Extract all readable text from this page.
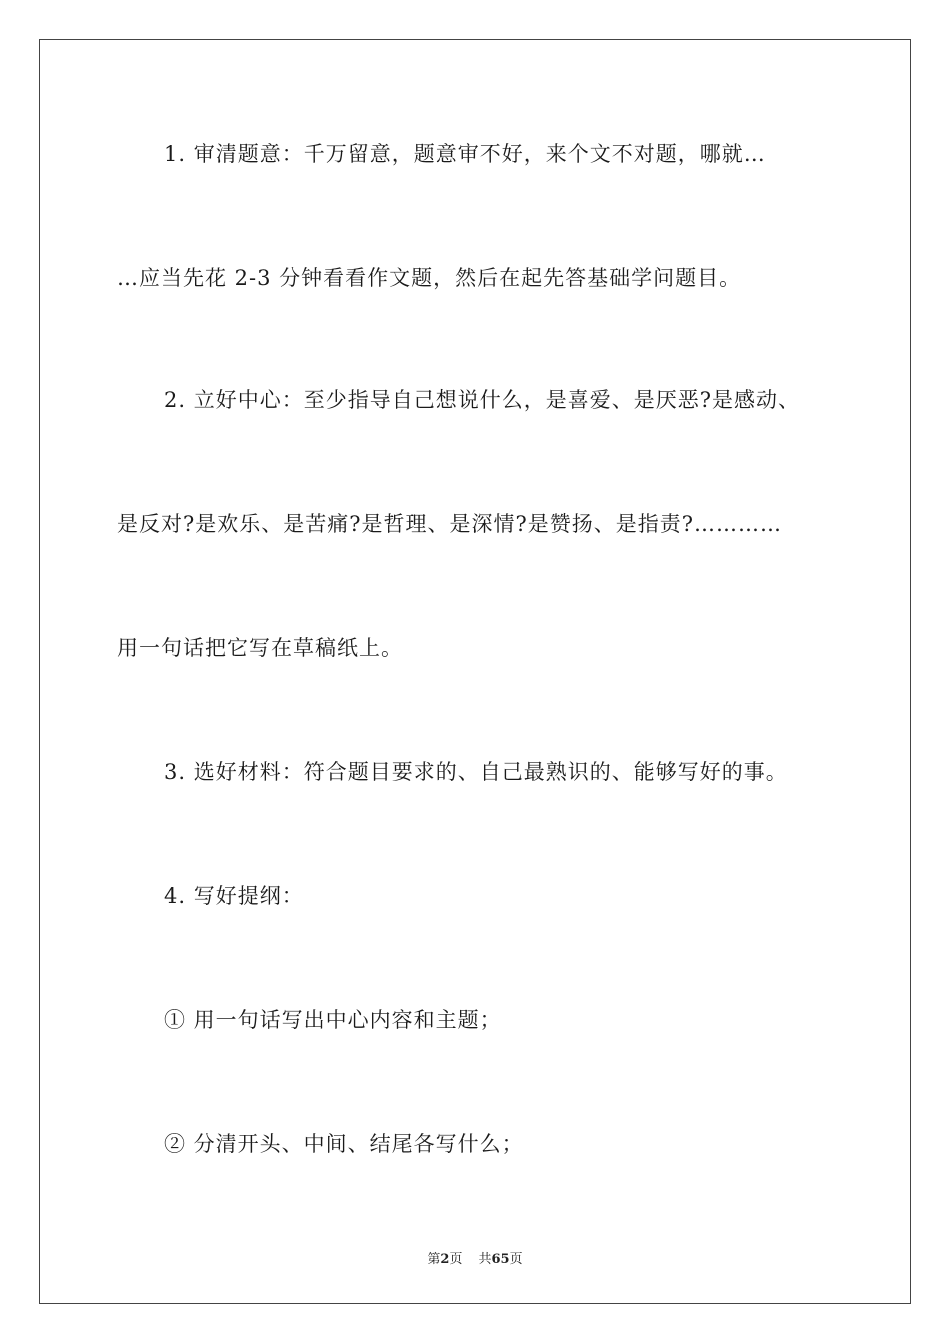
1. 审清题意：千万留意，题意审不好，来个文不对题，哪就…
…应当先花 2-3 分钟看看作文题，然后在起先答基础学问题目。
2. 立好中心：至少指导自己想说什么，是喜爱、是厌恶?是感动、
是反对?是欢乐、是苦痛?是哲理、是深情?是赞扬、是指责?…………
用一句话把它写在草稿纸上。
3. 选好材料：符合题目要求的、自己最熟识的、能够写好的事。
4. 写好提纲：
① 用一句话写出中心内容和主题；
② 分清开头、中间、结尾各写什么；
第2页 共65页
